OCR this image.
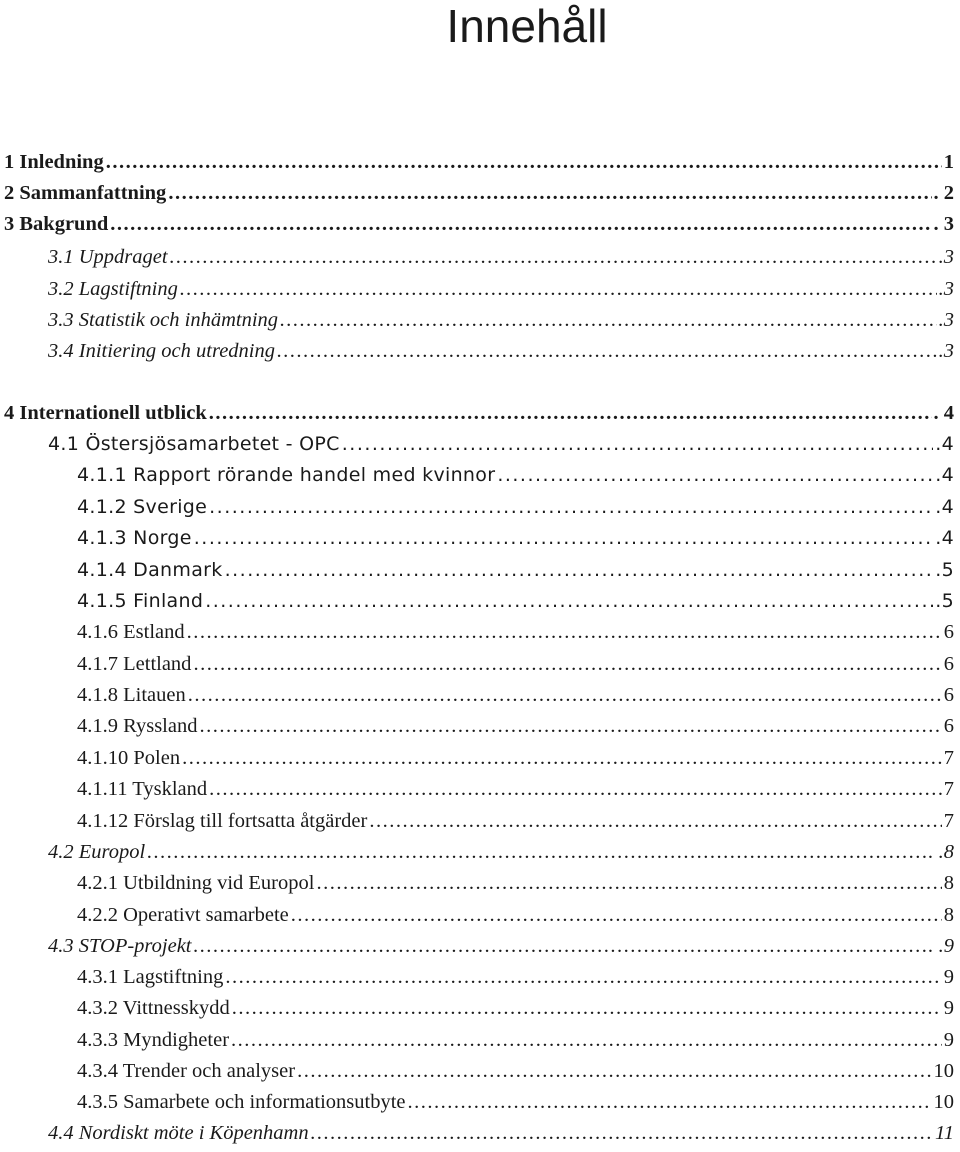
Innehåll
1 Inledning .....	1
2 Sammanfattning .....	. 2
3 Bakgrund .....	. 3
3.1 Uppdraget .....	.3
3.2 Lagstiftning .....	.3
3.3 Statistik och inhämtning .....	.3
3.4 Initiering och utredning .....	.3
4 Internationell utblick .....	. 4
4.1 Östersjösamarbetet - OPC .....	.4
4.1.1 Rapport rörande handel med kvinnor .....	.4
4.1.2 Sverige .....	.4
4.1.3 Norge .....	.4
4.1.4 Danmark .....	.5
4.1.5 Finland .....	.5
4.1.6 Estland .....	6
4.1.7 Lettland .....	6
4.1.8 Litauen .....	6
4.1.9 Ryssland .....	6
4.1.10 Polen .....	7
4.1.11 Tyskland .....	7
4.1.12 Förslag till fortsatta åtgärder .....	7
4.2 Europol .....	. .8
4.2.1 Utbildning vid Europol .....	8
4.2.2 Operativt samarbete .....	8
4.3 STOP-projekt .....	. .9
4.3.1 Lagstiftning .....	9
4.3.2 Vittnesskydd .....	9
4.3.3 Myndigheter .....	9
4.3.4 Trender och analyser .....	10
4.3.5 Samarbete och informationsutbyte .....	10
4.4 Nordiskt möte i Köpenhamn .....	11
